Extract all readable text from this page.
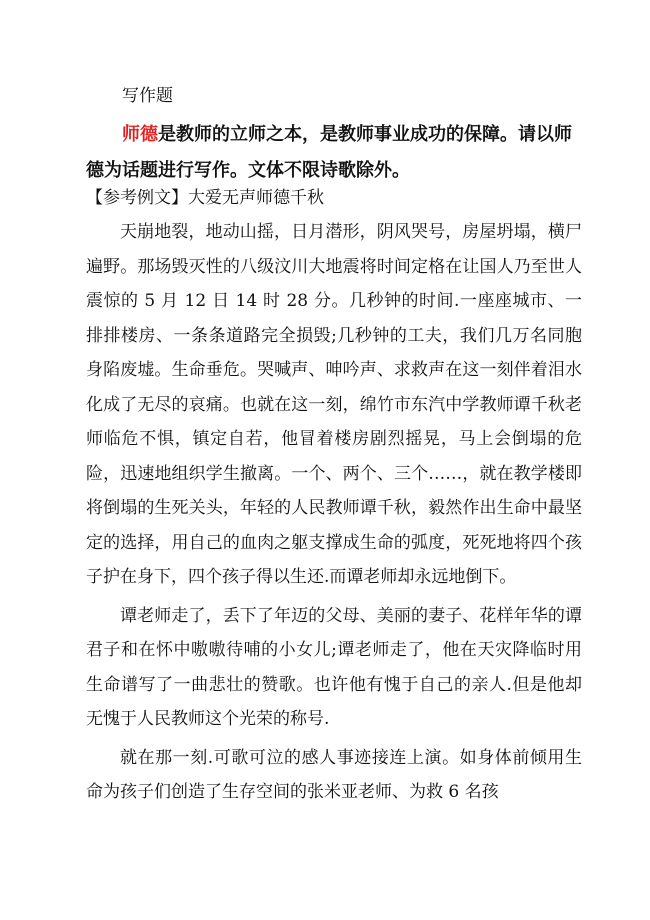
写作题

师德是教师的立师之本，是教师事业成功的保障。请以师德为话题进行写作。文体不限诗歌除外。

【参考例文】大爱无声师德千秋

天崩地裂，地动山摇，日月潜形，阴风哭号，房屋坍塌，横尸遍野。那场毁灭性的八级汶川大地震将时间定格在让国人乃至世人震惊的 5 月 12 日 14 时 28 分。几秒钟的时间.一座座城市、一排排楼房、一条条道路完全损毁;几秒钟的工夫，我们几万名同胞身陷废墟。生命垂危。哭喊声、呻吟声、求救声在这一刻伴着泪水化成了无尽的哀痛。也就在这一刻，绵竹市东汽中学教师谭千秋老师临危不惧，镇定自若，他冒着楼房剧烈摇晃，马上会倒塌的危险，迅速地组织学生撤离。一个、两个、三个……，就在教学楼即将倒塌的生死关头，年轻的人民教师谭千秋，毅然作出生命中最坚定的选择，用自己的血肉之躯支撑成生命的弧度，死死地将四个孩子护在身下，四个孩子得以生还.而谭老师却永远地倒下。

谭老师走了，丢下了年迈的父母、美丽的妻子、花样年华的谭君子和在怀中嗷嗷待哺的小女儿;谭老师走了，他在天灾降临时用生命谱写了一曲悲壮的赞歌。也许他有愧于自己的亲人.但是他却无愧于人民教师这个光荣的称号.

就在那一刻.可歌可泣的感人事迹接连上演。如身体前倾用生命为孩子们创造了生存空间的张米亚老师、为救 6 名孩
